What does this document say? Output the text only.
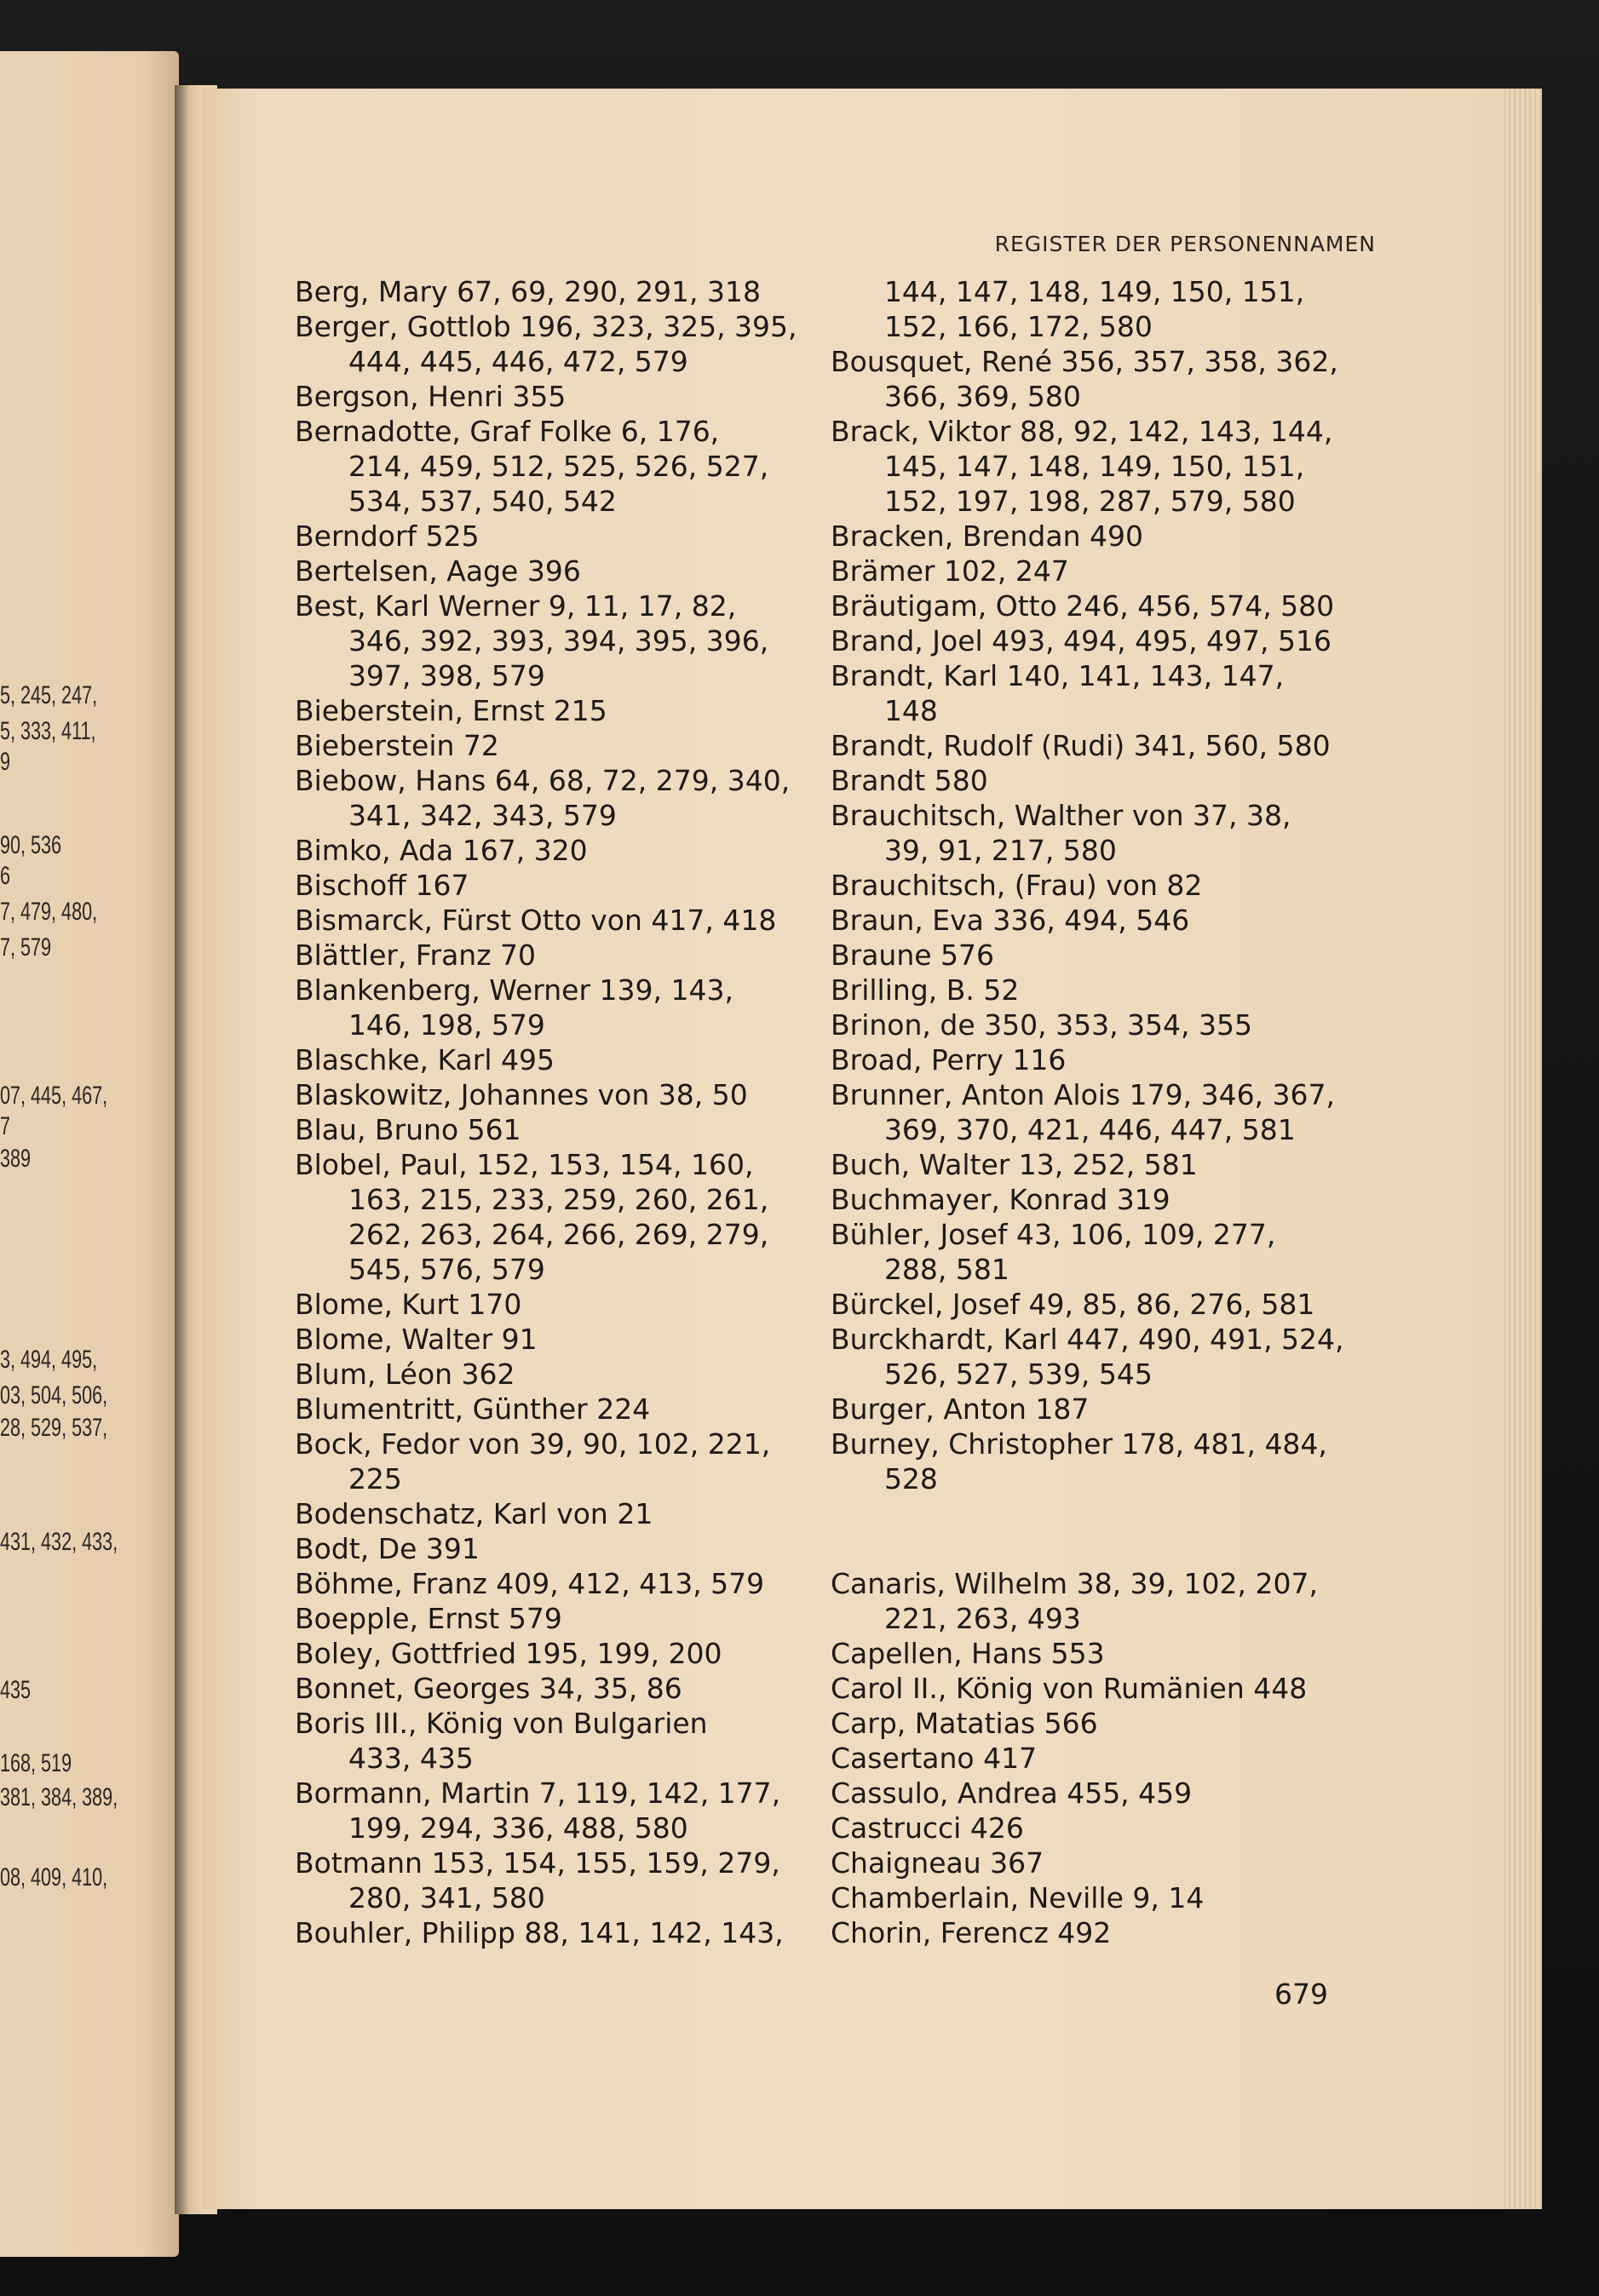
5, 245, 247,
5, 333, 411,
9
90, 536
6
7, 479, 480,
7, 579
07, 445, 467,
7
389
3, 494, 495,
03, 504, 506,
28, 529, 537,
431, 432, 433,
435
168, 519
381, 384, 389,
08, 409, 410,
REGISTER DER PERSONENNAMEN
Berg, Mary 67, 69, 290, 291, 318
Berger, Gottlob 196, 323, 325, 395,
444, 445, 446, 472, 579
Bergson, Henri 355
Bernadotte, Graf Folke 6, 176,
214, 459, 512, 525, 526, 527,
534, 537, 540, 542
Berndorf 525
Bertelsen, Aage 396
Best, Karl Werner 9, 11, 17, 82,
346, 392, 393, 394, 395, 396,
397, 398, 579
Bieberstein, Ernst 215
Bieberstein 72
Biebow, Hans 64, 68, 72, 279, 340,
341, 342, 343, 579
Bimko, Ada 167, 320
Bischoff 167
Bismarck, Fürst Otto von 417, 418
Blättler, Franz 70
Blankenberg, Werner 139, 143,
146, 198, 579
Blaschke, Karl 495
Blaskowitz, Johannes von 38, 50
Blau, Bruno 561
Blobel, Paul, 152, 153, 154, 160,
163, 215, 233, 259, 260, 261,
262, 263, 264, 266, 269, 279,
545, 576, 579
Blome, Kurt 170
Blome, Walter 91
Blum, Léon 362
Blumentritt, Günther 224
Bock, Fedor von 39, 90, 102, 221,
225
Bodenschatz, Karl von 21
Bodt, De 391
Böhme, Franz 409, 412, 413, 579
Boepple, Ernst 579
Boley, Gottfried 195, 199, 200
Bonnet, Georges 34, 35, 86
Boris III., König von Bulgarien
433, 435
Bormann, Martin 7, 119, 142, 177,
199, 294, 336, 488, 580
Botmann 153, 154, 155, 159, 279,
280, 341, 580
Bouhler, Philipp 88, 141, 142, 143,
144, 147, 148, 149, 150, 151,
152, 166, 172, 580
Bousquet, René 356, 357, 358, 362,
366, 369, 580
Brack, Viktor 88, 92, 142, 143, 144,
145, 147, 148, 149, 150, 151,
152, 197, 198, 287, 579, 580
Bracken, Brendan 490
Brämer 102, 247
Bräutigam, Otto 246, 456, 574, 580
Brand, Joel 493, 494, 495, 497, 516
Brandt, Karl 140, 141, 143, 147,
148
Brandt, Rudolf (Rudi) 341, 560, 580
Brandt 580
Brauchitsch, Walther von 37, 38,
39, 91, 217, 580
Brauchitsch, (Frau) von 82
Braun, Eva 336, 494, 546
Braune 576
Brilling, B. 52
Brinon, de 350, 353, 354, 355
Broad, Perry 116
Brunner, Anton Alois 179, 346, 367,
369, 370, 421, 446, 447, 581
Buch, Walter 13, 252, 581
Buchmayer, Konrad 319
Bühler, Josef 43, 106, 109, 277,
288, 581
Bürckel, Josef 49, 85, 86, 276, 581
Burckhardt, Karl 447, 490, 491, 524,
526, 527, 539, 545
Burger, Anton 187
Burney, Christopher 178, 481, 484,
528
Canaris, Wilhelm 38, 39, 102, 207,
221, 263, 493
Capellen, Hans 553
Carol II., König von Rumänien 448
Carp, Matatias 566
Casertano 417
Cassulo, Andrea 455, 459
Castrucci 426
Chaigneau 367
Chamberlain, Neville 9, 14
Chorin, Ferencz 492
679
